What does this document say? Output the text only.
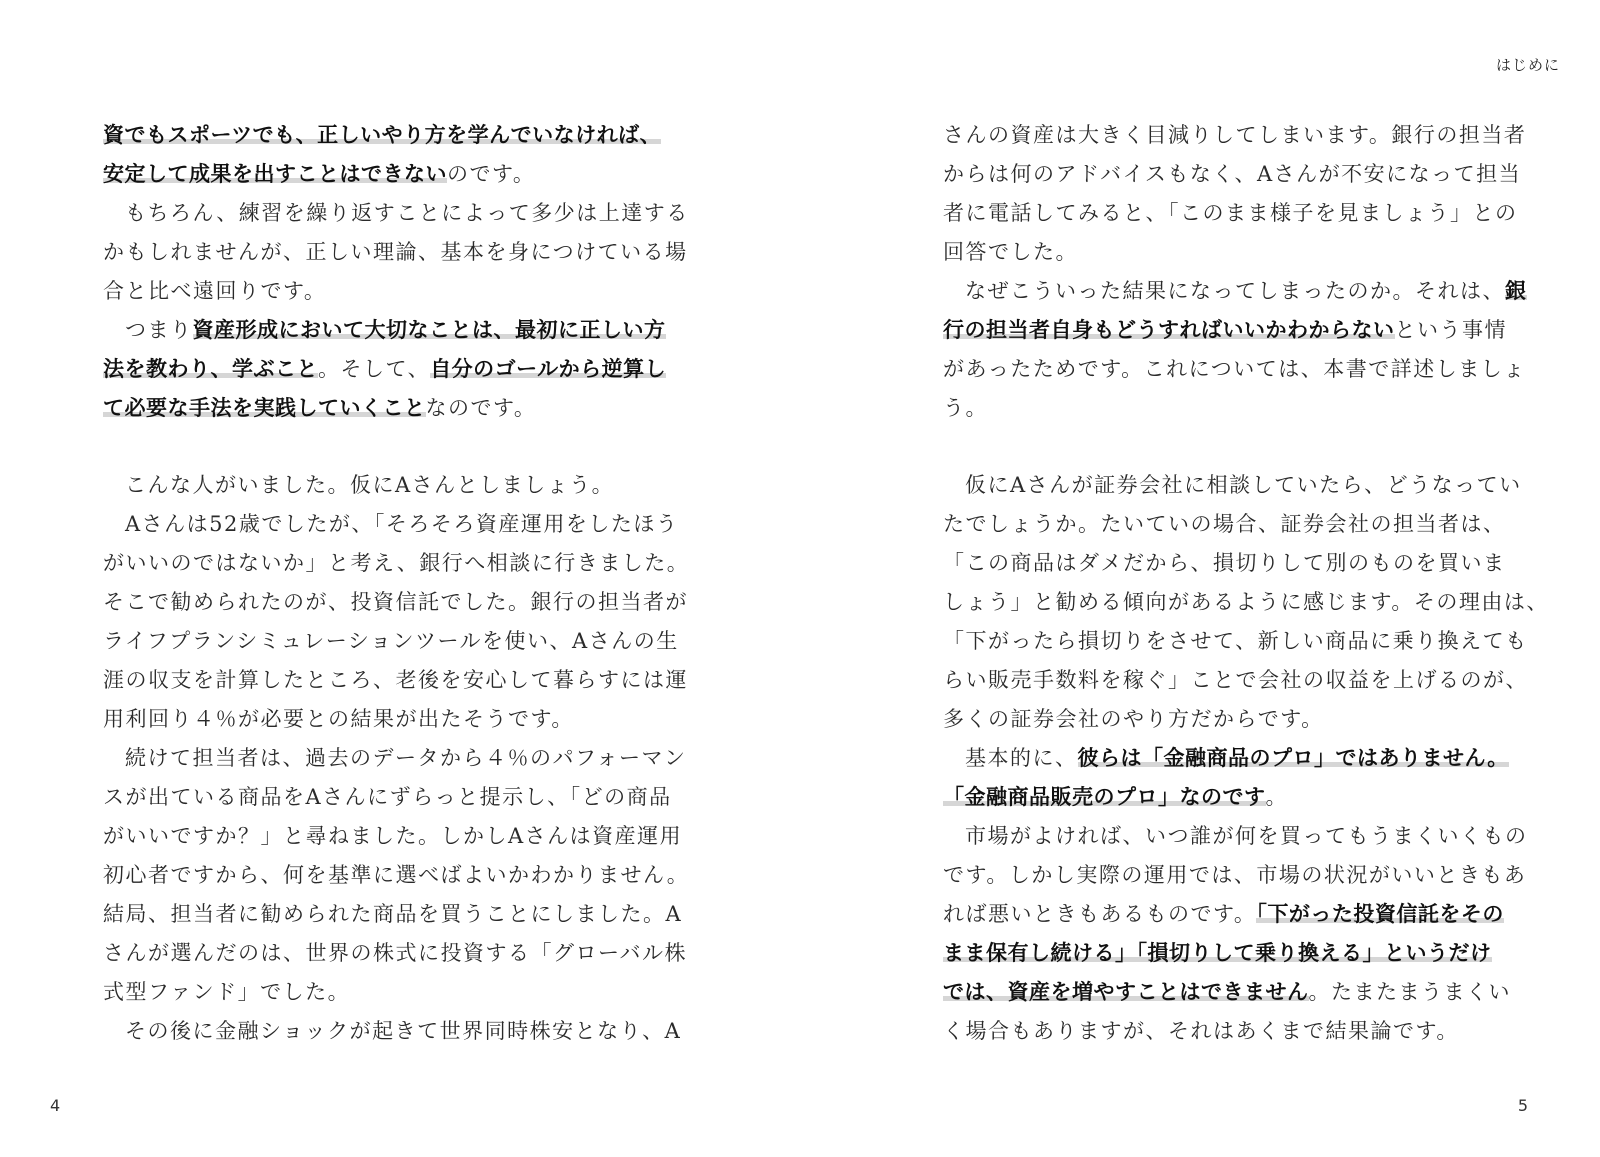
資でもスポーツでも、正しいやり方を学んでいなければ、
安定して成果を出すことはできないのです。
もちろん、練習を繰り返すことによって多少は上達する
かもしれませんが、正しい理論、基本を身につけている場
合と比べ遠回りです。
つまり資産形成において大切なことは、最初に正しい方
法を教わり、学ぶこと。そして、自分のゴールから逆算し
て必要な手法を実践していくことなのです。
こんな人がいました。仮にAさんとしましょう。
Aさんは52歳でしたが、「そろそろ資産運用をしたほう
がいいのではないか」と考え、銀行へ相談に行きました。
そこで勧められたのが、投資信託でした。銀行の担当者が
ライフプランシミュレーションツールを使い、Aさんの生
涯の収支を計算したところ、老後を安心して暮らすには運
用利回り４％が必要との結果が出たそうです。
続けて担当者は、過去のデータから４％のパフォーマン
スが出ている商品をAさんにずらっと提示し、「どの商品
がいいですか？」と尋ねました。しかしAさんは資産運用
初心者ですから、何を基準に選べばよいかわかりません。
結局、担当者に勧められた商品を買うことにしました。A
さんが選んだのは、世界の株式に投資する「グローバル株
式型ファンド」でした。
その後に金融ショックが起きて世界同時株安となり、A
4
はじめに
さんの資産は大きく目減りしてしまいます。銀行の担当者
からは何のアドバイスもなく、Aさんが不安になって担当
者に電話してみると、「このまま様子を見ましょう」との
回答でした。
なぜこういった結果になってしまったのか。それは、銀
行の担当者自身もどうすればいいかわからないという事情
があったためです。これについては、本書で詳述しましょ
う。
仮にAさんが証券会社に相談していたら、どうなってい
たでしょうか。たいていの場合、証券会社の担当者は、
「この商品はダメだから、損切りして別のものを買いま
しょう」と勧める傾向があるように感じます。その理由は、
「下がったら損切りをさせて、新しい商品に乗り換えても
らい販売手数料を稼ぐ」ことで会社の収益を上げるのが、
多くの証券会社のやり方だからです。
基本的に、彼らは「金融商品のプロ」ではありません。
「金融商品販売のプロ」なのです。
市場がよければ、いつ誰が何を買ってもうまくいくもの
です。しかし実際の運用では、市場の状況がいいときもあ
れば悪いときもあるものです。「下がった投資信託をその
まま保有し続ける」「損切りして乗り換える」というだけ
では、資産を増やすことはできません。たまたまうまくい
く場合もありますが、それはあくまで結果論です。
5
